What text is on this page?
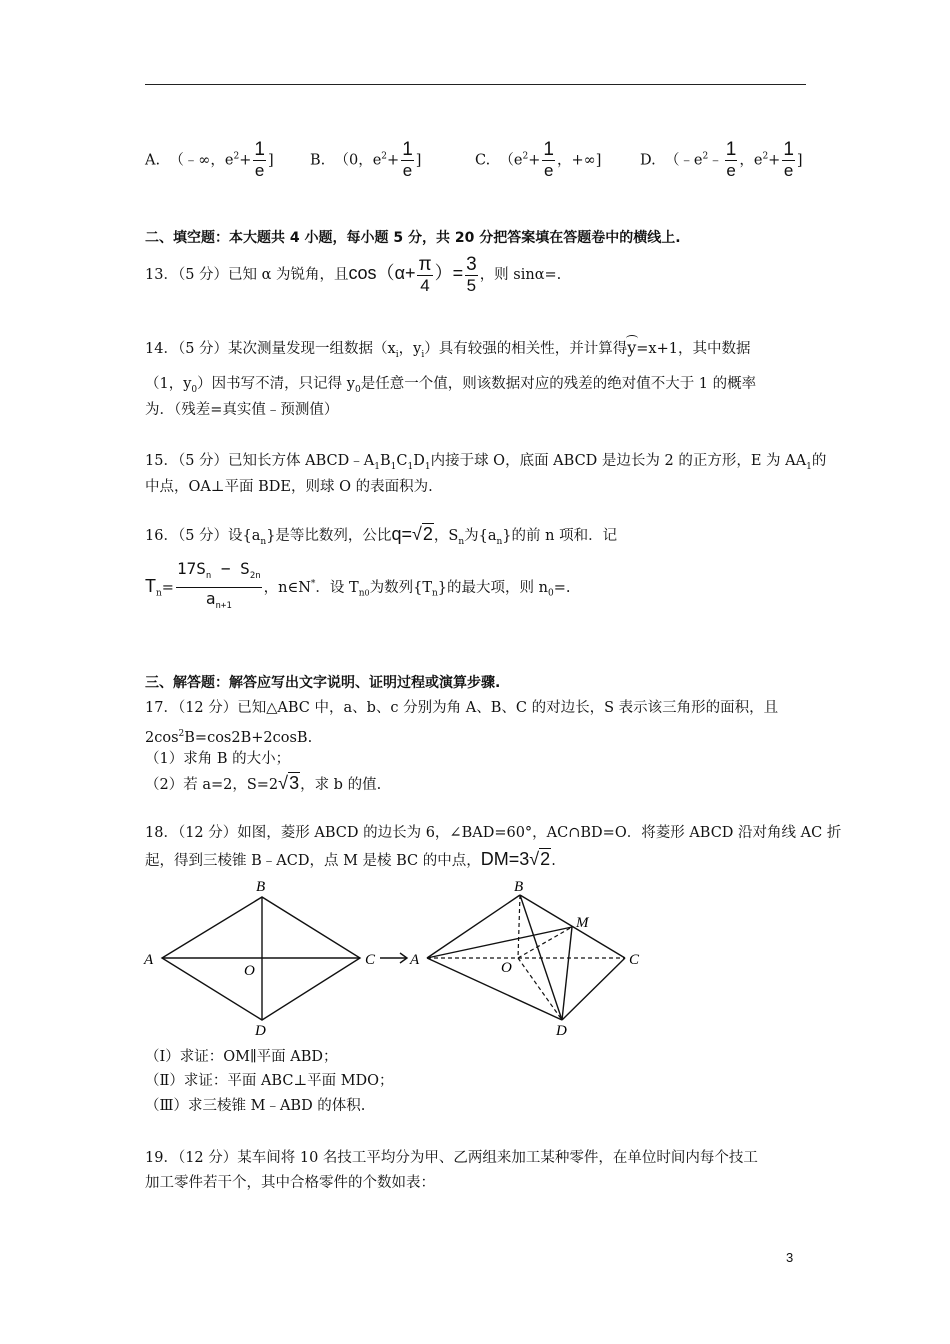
A. （﹣∞，$e^2+ \frac{1}{e}$ ]	B. （0，$e^2+ \frac{1}{e}$ ]	C. （$e^2+ \frac{1}{e}$ ，+∞]	D. （$﹣e^2﹣ \frac{1}{e}$ ，$e^2+ \frac{1}{e}$ ]
二、填空题：本大题共 4 小题，每小题 5 分，共 20 分把答案填在答题卷中的横线上.
13．（5 分）已知 α 为锐角，且$\cos(\alpha+ \frac{\pi}{4}$ ）= $\frac{3}{5}$ ，则 sinα=.
14．（5 分）某次测量发现一组数据（$x_i$，$y_i$）具有较强的相关性，并计算得y=x+1，其中数据
（1，$y_0$）因书写不清，只记得 $y_0$是任意一个值，则该数据对应的残差的绝对值不大于 1 的概率
为．（残差=真实值﹣预测值）
15．（5 分）已知长方体 $ABCD﹣A_1B_1C_1D_1$内接于球 O，底面 ABCD 是边长为 2 的正方形，E 为 $AA_1$的
中点，OA⊥平面 BDE，则球 O 的表面积为.
16．（5 分）设$\{a_n\}$是等比数列，公比q=√2，$S_n$为$\{a_n\}$的前 n 项和．记
$T_n= \frac{17S_n - S_{2n}}{a_{n+1}}$ ，n∈N*．设 $T_{n0}$为数列$\{T_n\}$的最大项，则 $n_0=$.
三、解答题：解答应写出文字说明、证明过程或演算步骤.
17．（12 分）已知△ABC 中，a、b、c 分别为角 A、B、C 的对边长，S 表示该三角形的面积，且
$2\cos^2B=\cos 2B+2\cos B$.
（1）求角 B 的大小；
（2）若 a=2，S=2√3，求 b 的值.
18．（12 分）如图，菱形 ABCD 的边长为 6，∠BAD=60°，AC∩BD=O．将菱形 ABCD 沿对角线 AC 折
起，得到三棱锥 B﹣ACD，点 M 是棱 BC 的中点，DM=3√2.
A
B
C
D
O
A
B
C
D
O
M
（Ⅰ）求证：OM∥平面 ABD；
（Ⅱ）求证：平面 ABC⊥平面 MDO；
（Ⅲ）求三棱锥 M﹣ABD 的体积.
19．（12 分）某车间将 10 名技工平均分为甲、乙两组来加工某种零件，在单位时间内每个技工
加工零件若干个，其中合格零件的个数如表：
3
